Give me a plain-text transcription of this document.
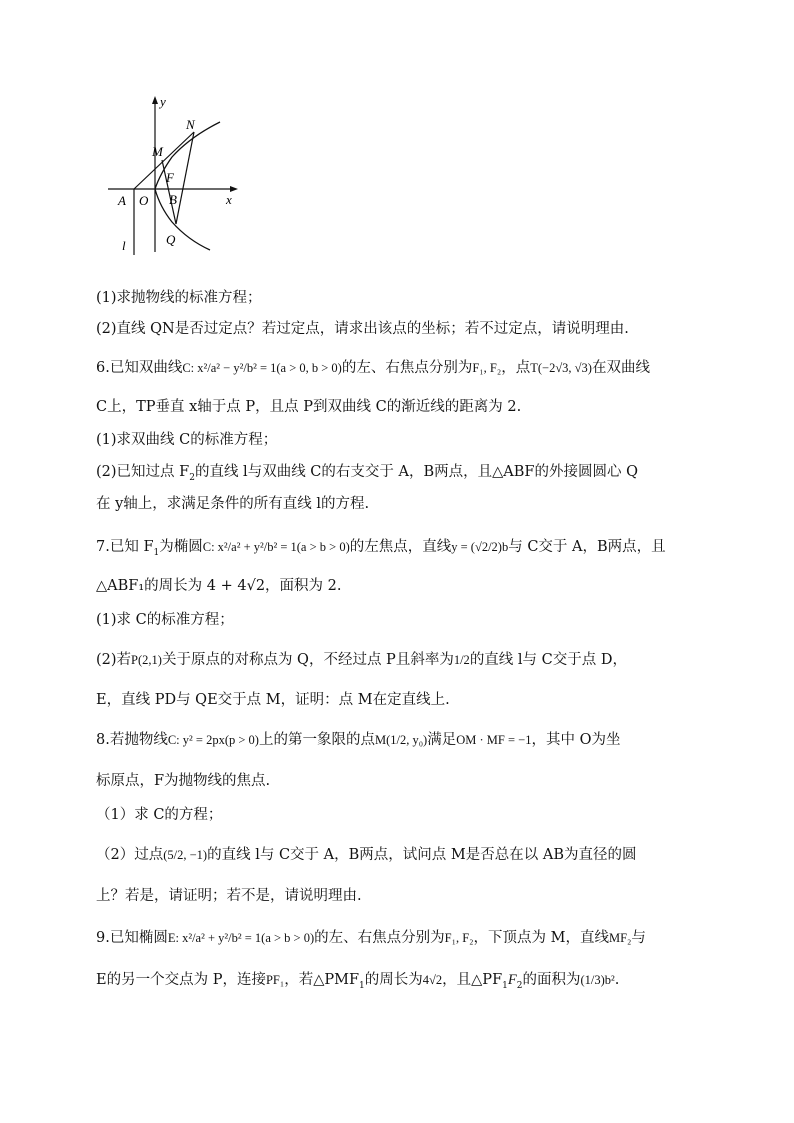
y
x
N
M
F
A O B
Q
l
(1)求抛物线的标准方程；
(2)直线 QN是否过定点？若过定点，请求出该点的坐标；若不过定点，请说明理由.
6.已知双曲线C: x²/a² − y²/b² = 1(a > 0, b > 0)的左、右焦点分别为F₁, F₂，点T(−2√3, √3)在双曲线
C上，TP垂直 x轴于点 P，且点 P到双曲线 C的渐近线的距离为 2.
(1)求双曲线 C的标准方程；
(2)已知过点 $F_2$的直线 l与双曲线 C的右支交于 A，B两点，且△ABF的外接圆圆心 Q
在 y轴上，求满足条件的所有直线 l的方程.
7.已知 $F_1$为椭圆C: x²/a² + y²/b² = 1(a > b > 0)的左焦点，直线y = (√2/2)b与 C交于 A，B两点，且
△ABF₁的周长为 4 + 4√2，面积为 2.
(1)求 C的标准方程；
(2)若P(2,1)关于原点的对称点为 Q，不经过点 P且斜率为1/2的直线 l与 C交于点 D，
E，直线 PD与 QE交于点 M，证明：点 M在定直线上.
8.若抛物线C: y² = 2px(p > 0)上的第一象限的点M(1/2, y₀)满足OM · MF = −1，其中 O为坐
标原点，F为抛物线的焦点.
（1）求 C的方程；
（2）过点(5/2, −1)的直线 l与 C交于 A，B两点，试问点 M是否总在以 AB为直径的圆
上？若是，请证明；若不是，请说明理由.
9.已知椭圆E: x²/a² + y²/b² = 1(a > b > 0)的左、右焦点分别为F₁, F₂，下顶点为 M，直线MF₂与
E的另一个交点为 P，连接PF₁，若$\triangle PMF_1$的周长为4√2，且$\triangle PF_1F_2$的面积为(1/3)b².
